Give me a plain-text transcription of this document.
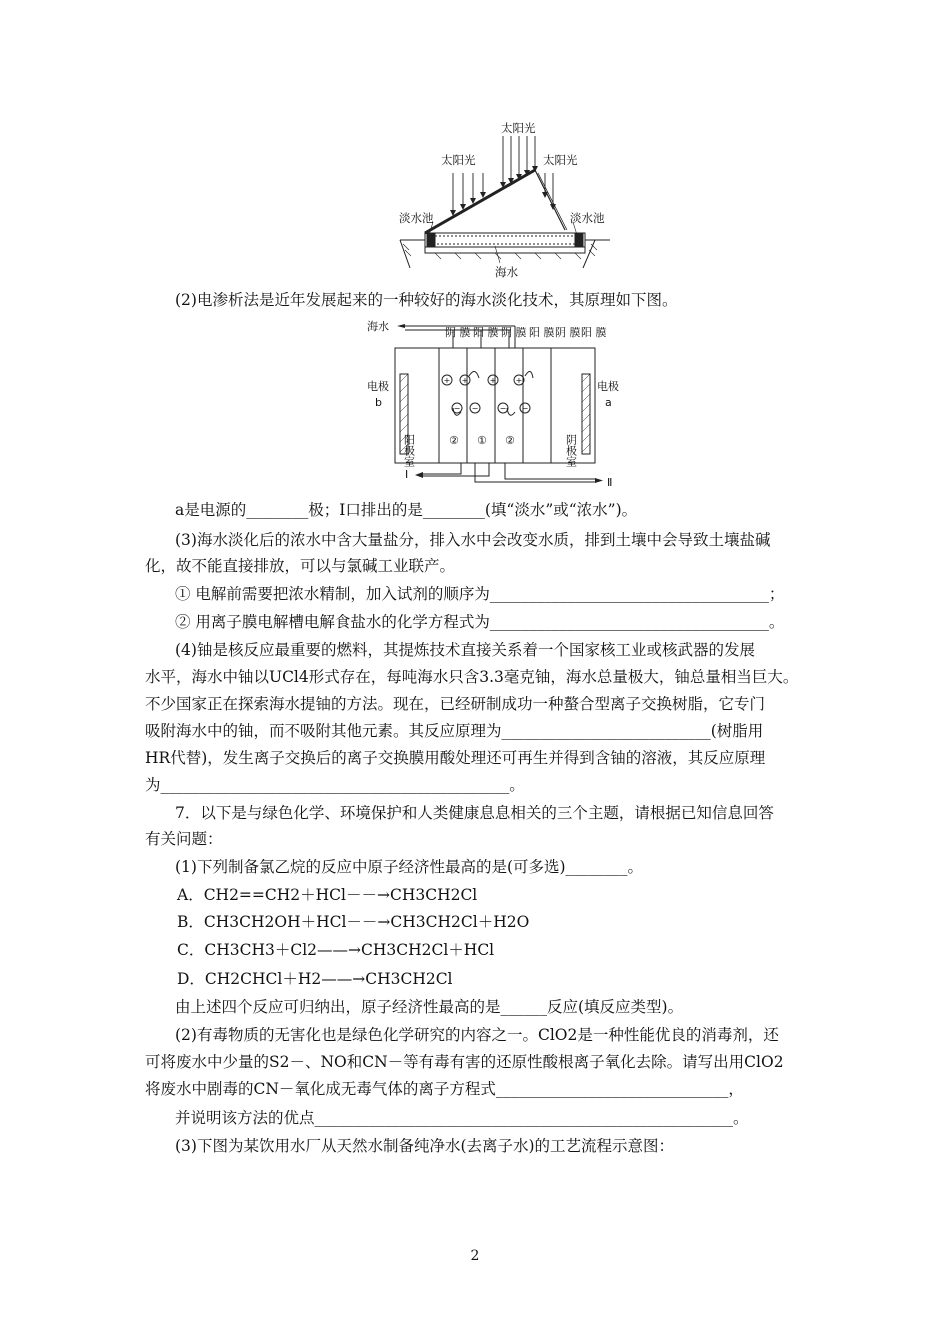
太阳光
太阳光	太阳光
淡水池	淡水池
海水
(2)电渗析法是近年发展起来的一种较好的海水淡化技术，其原理如下图。
+ +	+ +
− −	− −
海水	阴 膜 阳 膜 阴 膜 阳 膜 阴 膜 阳 膜
电极
b
电极
a
阳极室	阴极室
② ① ②
Ⅰ
Ⅱ
a是电源的________极；Ⅰ口排出的是________(填“淡水”或“浓水”)。
(3)海水淡化后的浓水中含大量盐分，排入水中会改变水质，排到土壤中会导致土壤盐碱
化，故不能直接排放，可以与氯碱工业联产。
① 电解前需要把浓水精制，加入试剂的顺序为____________________________________；
② 用离子膜电解槽电解食盐水的化学方程式为____________________________________。
(4)铀是核反应最重要的燃料，其提炼技术直接关系着一个国家核工业或核武器的发展
水平，海水中铀以UCl4形式存在，每吨海水只含3.3毫克铀，海水总量极大，铀总量相当巨大。
不少国家正在探索海水提铀的方法。现在，已经研制成功一种螯合型离子交换树脂，它专门
吸附海水中的铀，而不吸附其他元素。其反应原理为___________________________(树脂用
HR代替)，发生离子交换后的离子交换膜用酸处理还可再生并得到含铀的溶液，其反应原理
为_____________________________________________。
7．以下是与绿色化学、环境保护和人类健康息息相关的三个主题，请根据已知信息回答
有关问题：
(1)下列制备氯乙烷的反应中原子经济性最高的是(可多选)________。
A．CH2==CH2＋HCl－－→CH3CH2Cl
B．CH3CH2OH＋HCl－－→CH3CH2Cl＋H2O
C．CH3CH3＋Cl2——→CH3CH2Cl＋HCl
D．CH2CHCl＋H2——→CH3CH2Cl
由上述四个反应可归纳出，原子经济性最高的是______反应(填反应类型)。
(2)有毒物质的无害化也是绿色化学研究的内容之一。ClO2是一种性能优良的消毒剂，还
可将废水中少量的S2－、NO和CN－等有毒有害的还原性酸根离子氧化去除。请写出用ClO2
将废水中剧毒的CN－氧化成无毒气体的离子方程式______________________________，
并说明该方法的优点______________________________________________________。
(3)下图为某饮用水厂从天然水制备纯净水(去离子水)的工艺流程示意图：
2
